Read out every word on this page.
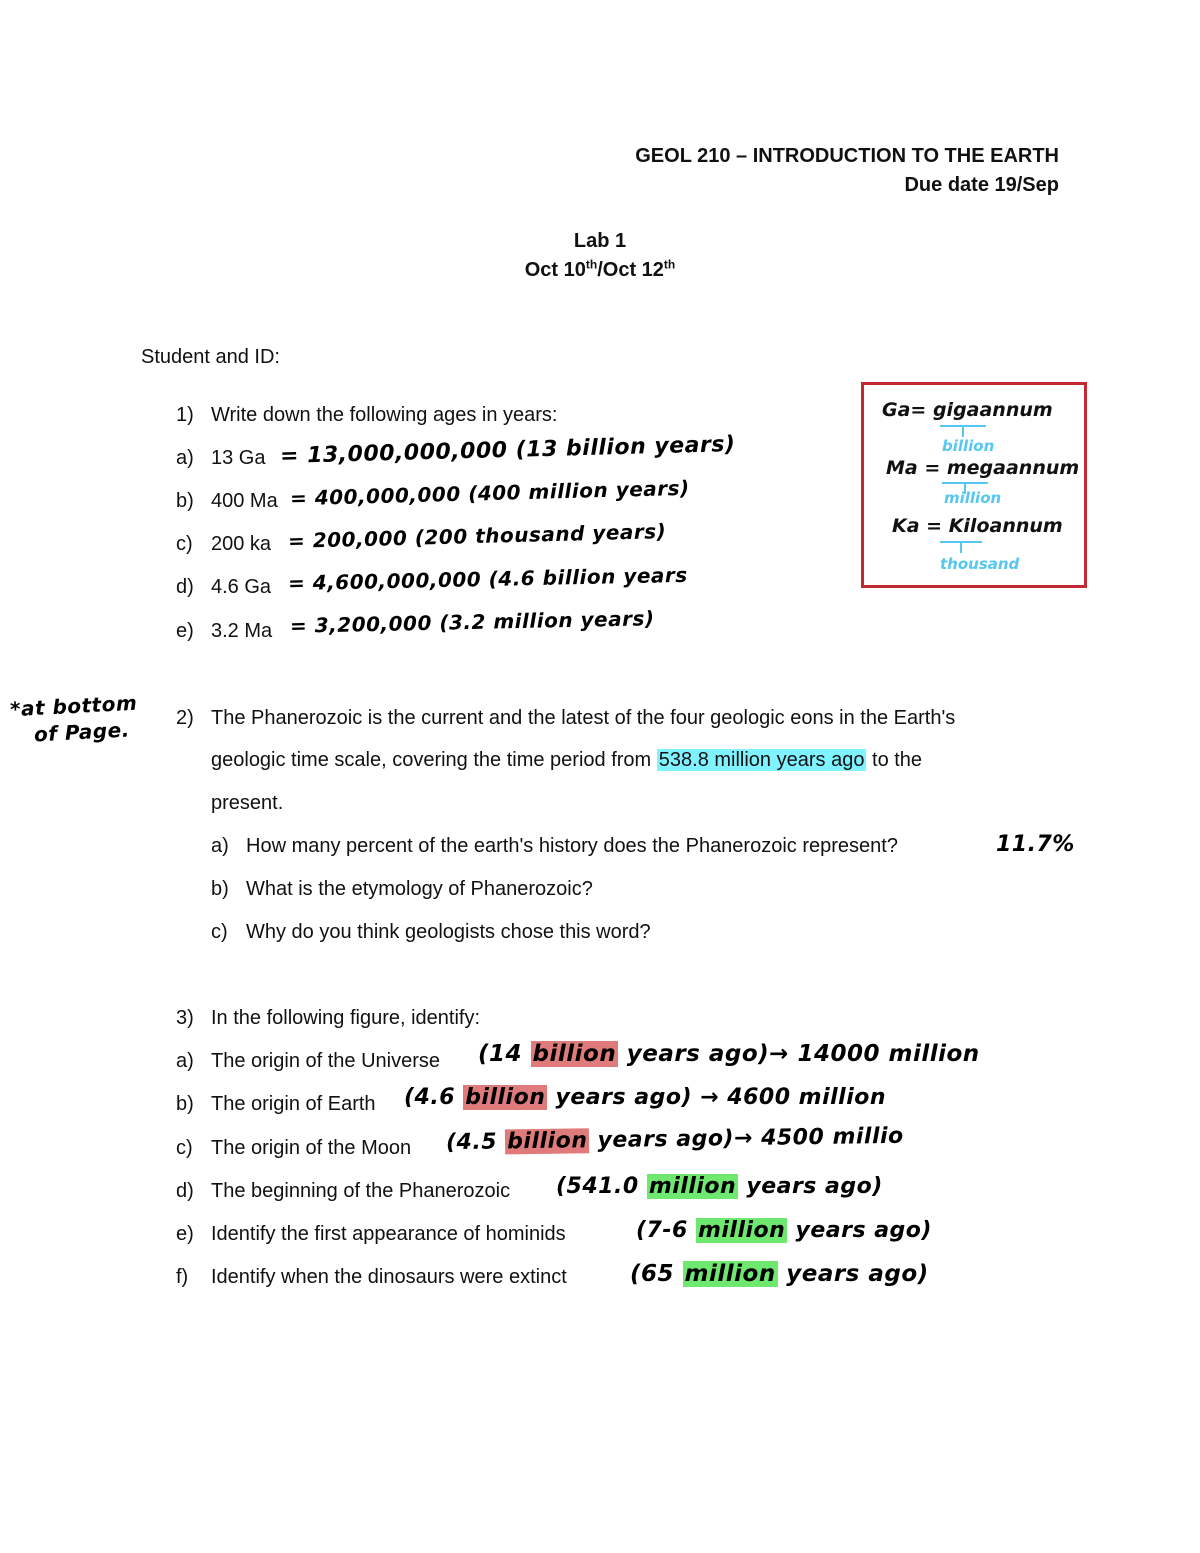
GEOL 210 – INTRODUCTION TO THE EARTH
Due date 19/Sep
Lab 1
Oct 10th/Oct 12th
Student and ID:
1) Write down the following ages in years:
a) 13 Ga = 13,000,000,000 (13 billion years)
b) 400 Ma = 400,000,000 (400 million years)
c) 200 ka = 200,000 (200 thousand years)
d) 4.6 Ga = 4,600,000,000 (4.6 billion years
e) 3.2 Ma = 3,200,000 (3.2 million years)
Ga= gigaannum
billion
Ma = megaannum
million
Ka = Kiloannum
thousand
*at bottom
of Page. 2) The Phanerozoic is the current and the latest of the four geologic eons in the Earth's
geologic time scale, covering the time period from 538.8 million years ago to the
present.
a) How many percent of the earth's history does the Phanerozoic represent?	11.7%
b) What is the etymology of Phanerozoic?
c) Why do you think geologists chose this word?
3) In the following figure, identify:
a) The origin of the Universe (14 billion years ago)→ 14000 million
b) The origin of Earth (4.6 billion years ago) → 4600 million
c) The origin of the Moon (4.5 billion years ago)→ 4500 millio
d) The beginning of the Phanerozoic (541.0 million years ago)
e) Identify the first appearance of hominids	(7-6 million years ago)
f) Identify when the dinosaurs were extinct	(65 million years ago)
